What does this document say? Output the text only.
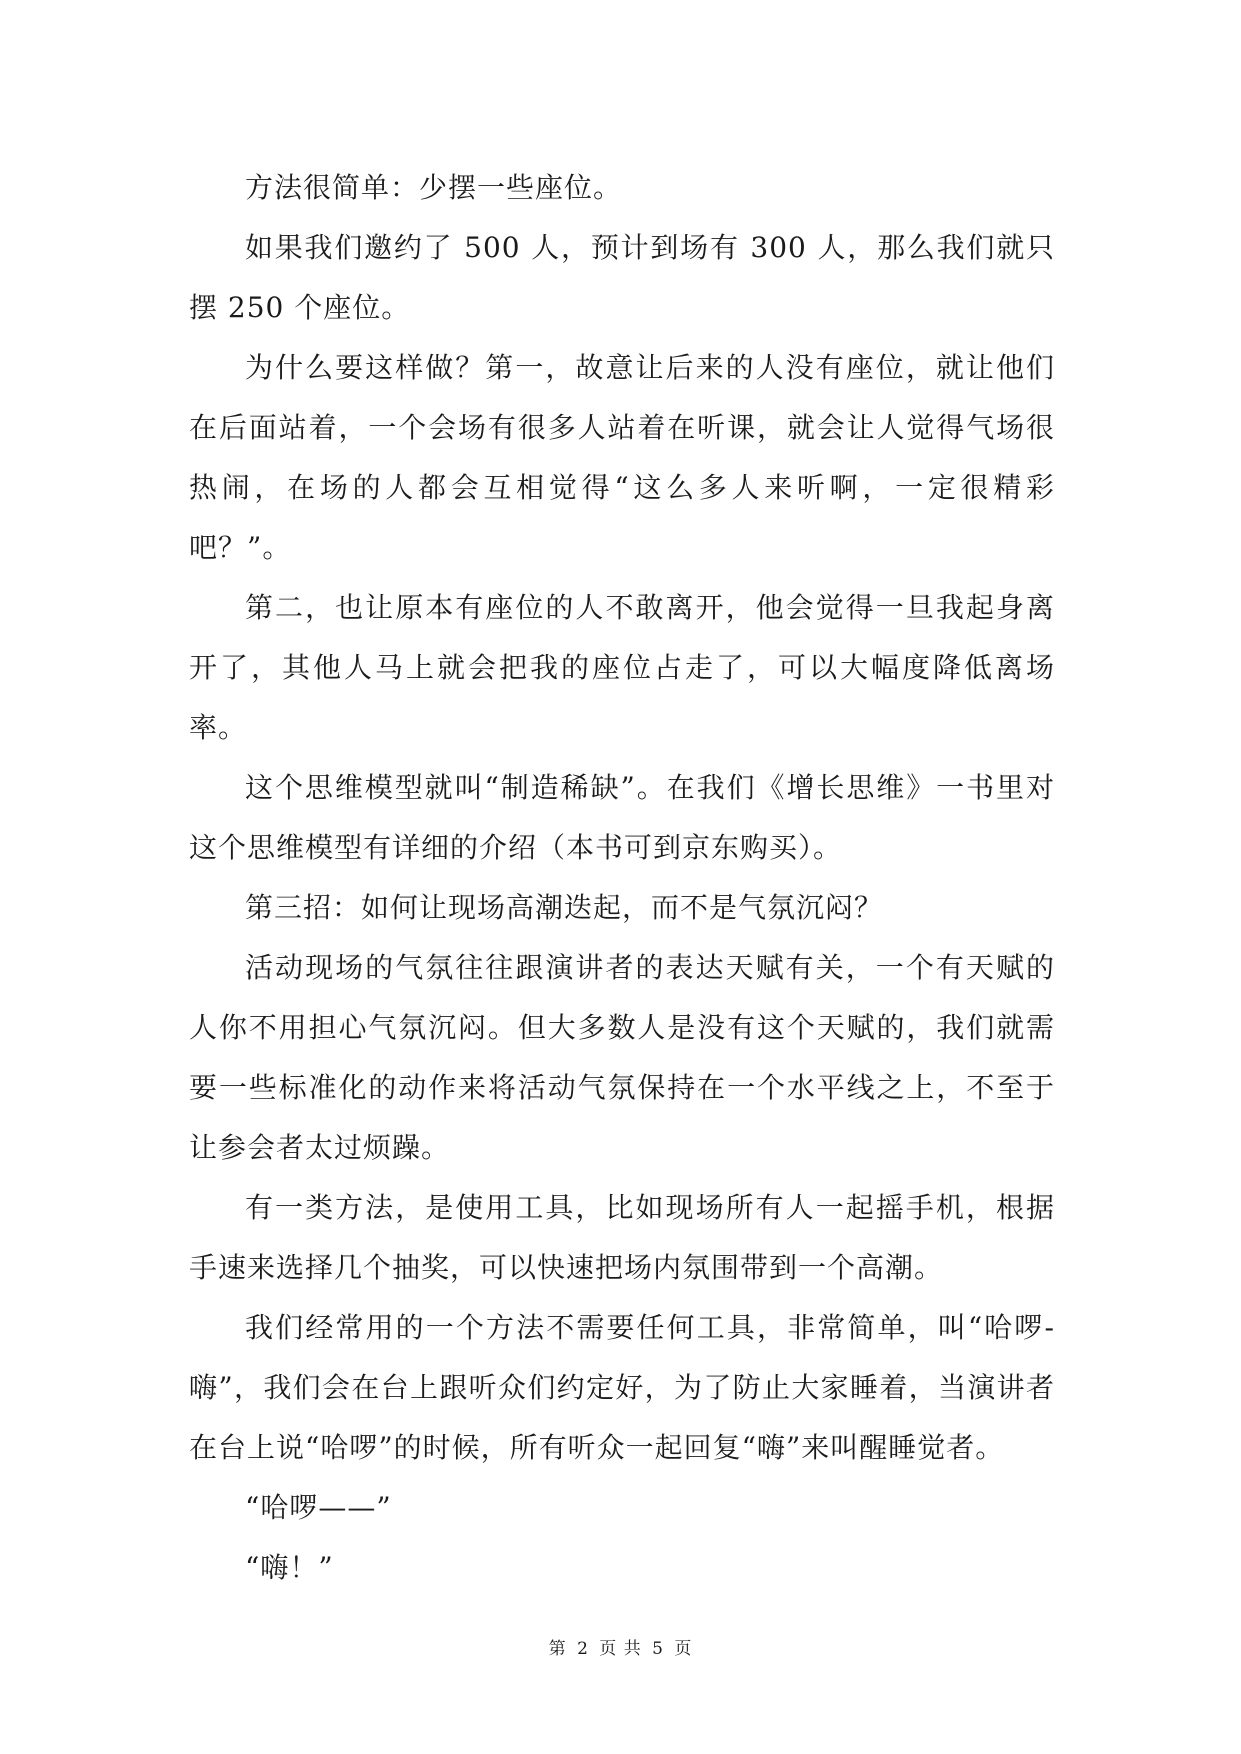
方法很简单：少摆一些座位。

如果我们邀约了 500 人，预计到场有 300 人，那么我们就只摆 250 个座位。

为什么要这样做？第一，故意让后来的人没有座位，就让他们在后面站着，一个会场有很多人站着在听课，就会让人觉得气场很热闹，在场的人都会互相觉得“这么多人来听啊，一定很精彩吧？”。

第二，也让原本有座位的人不敢离开，他会觉得一旦我起身离开了，其他人马上就会把我的座位占走了，可以大幅度降低离场率。

这个思维模型就叫“制造稀缺”。在我们《增长思维》一书里对这个思维模型有详细的介绍（本书可到京东购买）。

第三招：如何让现场高潮迭起，而不是气氛沉闷？

活动现场的气氛往往跟演讲者的表达天赋有关，一个有天赋的人你不用担心气氛沉闷。但大多数人是没有这个天赋的，我们就需要一些标准化的动作来将活动气氛保持在一个水平线之上，不至于让参会者太过烦躁。

有一类方法，是使用工具，比如现场所有人一起摇手机，根据手速来选择几个抽奖，可以快速把场内氛围带到一个高潮。

我们经常用的一个方法不需要任何工具，非常简单，叫“哈啰-嗨”，我们会在台上跟听众们约定好，为了防止大家睡着，当演讲者在台上说“哈啰”的时候，所有听众一起回复“嗨”来叫醒睡觉者。

“哈啰——”

“嗨！”

第 2 页 共 5 页
